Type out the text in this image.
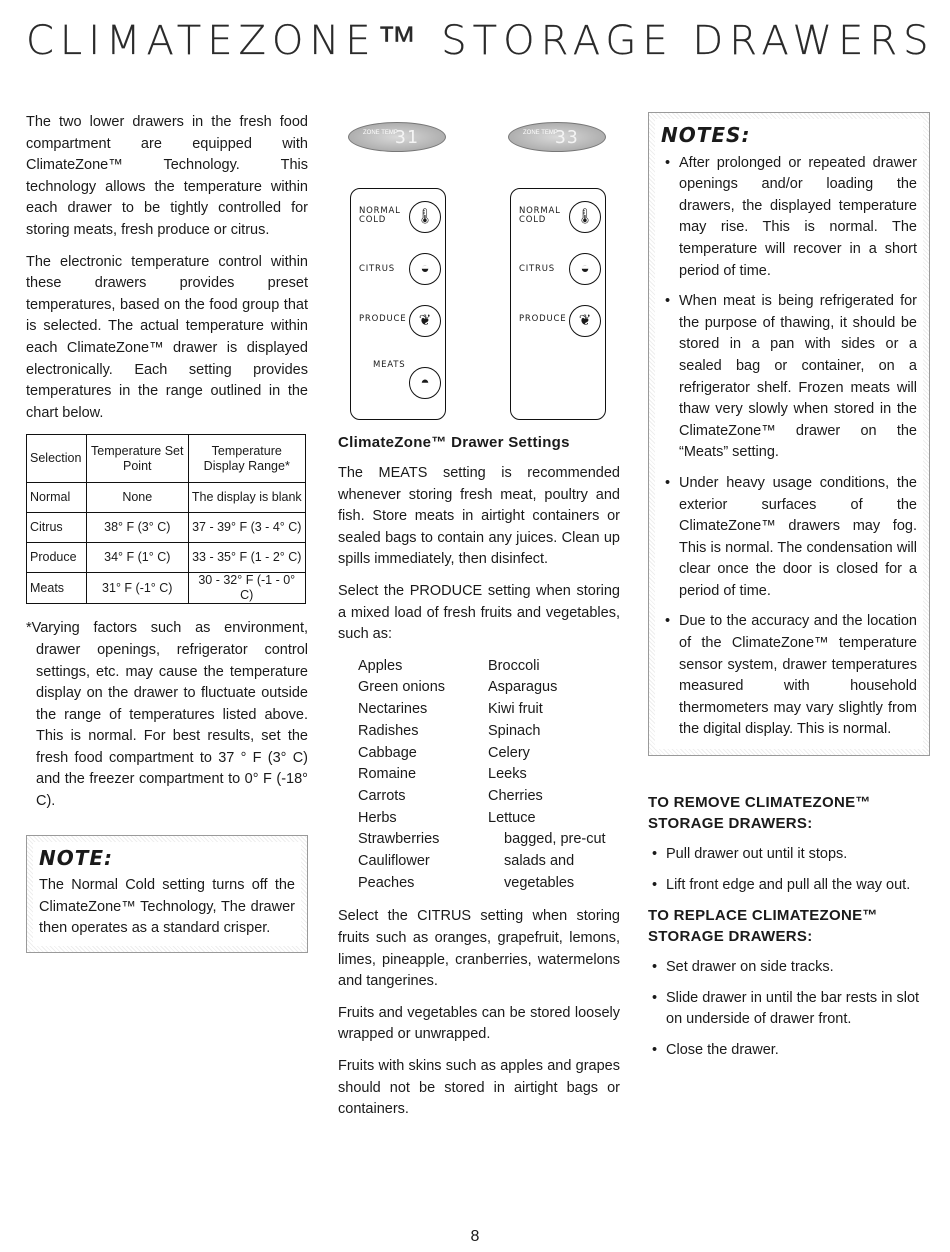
CLIMATEZONE™ STORAGE DRAWERS

The two lower drawers in the fresh food compartment are equipped with ClimateZone™ Technology. This technology allows the temperature within each drawer to be tightly controlled for storing meats, fresh produce or citrus.

The electronic temperature control within these drawers provides preset temperatures, based on the food group that is selected. The actual temperature within each ClimateZone™ drawer is displayed electronically. Each setting provides temperatures in the range outlined in the chart below.

Selection	Temperature Set Point	Temperature Display Range*
Normal	None	The display is blank
Citrus	38° F (3° C)	37 - 39° F (3 - 4° C)
Produce	34° F (1° C)	33 - 35° F (1 - 2° C)
Meats	31° F (-1° C)	30 - 32° F (-1 - 0° C)

*Varying factors such as environment, drawer openings, refrigerator control settings, etc. may cause the temperature display on the drawer to fluctuate outside the range of temperatures listed above. This is normal. For best results, set the fresh food compartment to 37 ° F (3° C) and the freezer compartment to 0° F (-18° C).

NOTE:

The Normal Cold setting turns off the ClimateZone™ Technology, The drawer then operates as a standard crisper.

ZONE TEMP
31	ZONE TEMP
33
NORMAL COLD	🌡
CITRUS	◒
PRODUCE ❦
MEATS
◓
NORMAL COLD	🌡
CITRUS	◒
PRODUCE ❦
ClimateZone™ Drawer Settings

The MEATS setting is recommended whenever storing fresh meat, poultry and fish. Store meats in airtight containers or sealed bags to contain any juices. Clean up spills immediately, then disinfect.

Select the PRODUCE setting when storing a mixed load of fresh fruits and vegetables, such as:

Apples
Green onions
Nectarines
Radishes
Cabbage
Romaine
Carrots
Herbs
Strawberries
Cauliflower
Peaches
Broccoli
Asparagus
Kiwi fruit
Spinach
Celery
Leeks
Cherries
Lettuce
bagged, pre-cut
salads and
vegetables

Select the CITRUS setting when storing fruits such as oranges, grapefruit, lemons, limes, pineapple, cranberries, watermelons and tangerines.

Fruits and vegetables can be stored loosely wrapped or unwrapped.

Fruits with skins such as apples and grapes should not be stored in airtight bags or containers.

NOTES:
• After prolonged or repeated drawer openings and/or loading the drawers, the displayed temperature may rise. This is normal. The temperature will recover in a short period of time.
• When meat is being refrigerated for the purpose of thawing, it should be stored in a pan with sides or a sealed bag or container, on a refrigerator shelf. Frozen meats will thaw very slowly when stored in the ClimateZone™ drawer on the “Meats” setting.
• Under heavy usage conditions, the exterior surfaces of the ClimateZone™ drawers may fog. This is normal. The condensation will clear once the door is closed for a period of time.
• Due to the accuracy and the location of the ClimateZone™ temperature sensor system, drawer temperatures measured with household thermometers may vary slightly from the digital display. This is normal.
TO REMOVE CLIMATEZONE™ STORAGE DRAWERS:
• Pull drawer out until it stops.
• Lift front edge and pull all the way out.
TO REPLACE CLIMATEZONE™ STORAGE DRAWERS:
• Set drawer on side tracks.
• Slide drawer in until the bar rests in slot on underside of drawer front.
• Close the drawer.
8
